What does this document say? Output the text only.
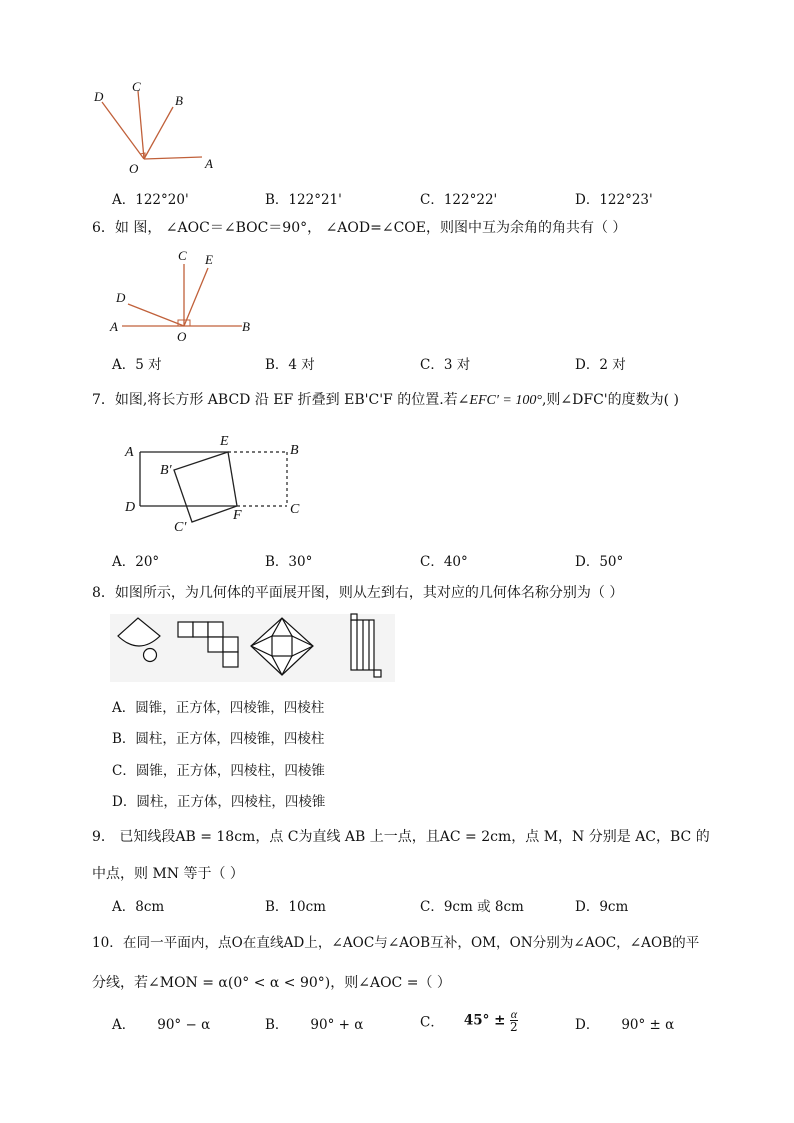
D
C
B
O	A
A．122°20'	B．122°21'	C．122°22'	D．122°23'
6．如 图， ∠AOC＝∠BOC＝90°， ∠AOD=∠COE，则图中互为余角的角共有（ ）
C E
D
A
O
B
A．5 对	B．4 对	C．3 对	D．2 对
7．如图,将长方形 ABCD 沿 EF 折叠到 EB'C'F 的位置.若∠EFC′ = 100°,则∠DFC'的度数为( )
A
E
B
B′
D
F	C
C′
A．20°	B．30°	C．40°	D．50°
8．如图所示，为几何体的平面展开图，则从左到右，其对应的几何体名称分别为（ ）
A．圆锥，正方体，四棱锥，四棱柱
B．圆柱，正方体，四棱锥，四棱柱
C．圆锥，正方体，四棱柱，四棱锥
D．圆柱，正方体，四棱柱，四棱锥
9． 已知线段AB = 18cm，点 C为直线 AB 上一点，且AC = 2cm，点 M，N 分别是 AC，BC 的
中点，则 MN 等于（ ）
A．8cm	B．10cm	C．9cm 或 8cm	D．9cm
10．在同一平面内，点O在直线AD上，∠AOC与∠AOB互补，OM，ON分别为∠AOC，∠AOB的平
分线，若∠MON = α(0° < α < 90°)，则∠AOC =（ ）
A． 90° − α	B． 90° + α	C． $45^\circ \pm \frac{\alpha}{2}$	D． 90° ± α
